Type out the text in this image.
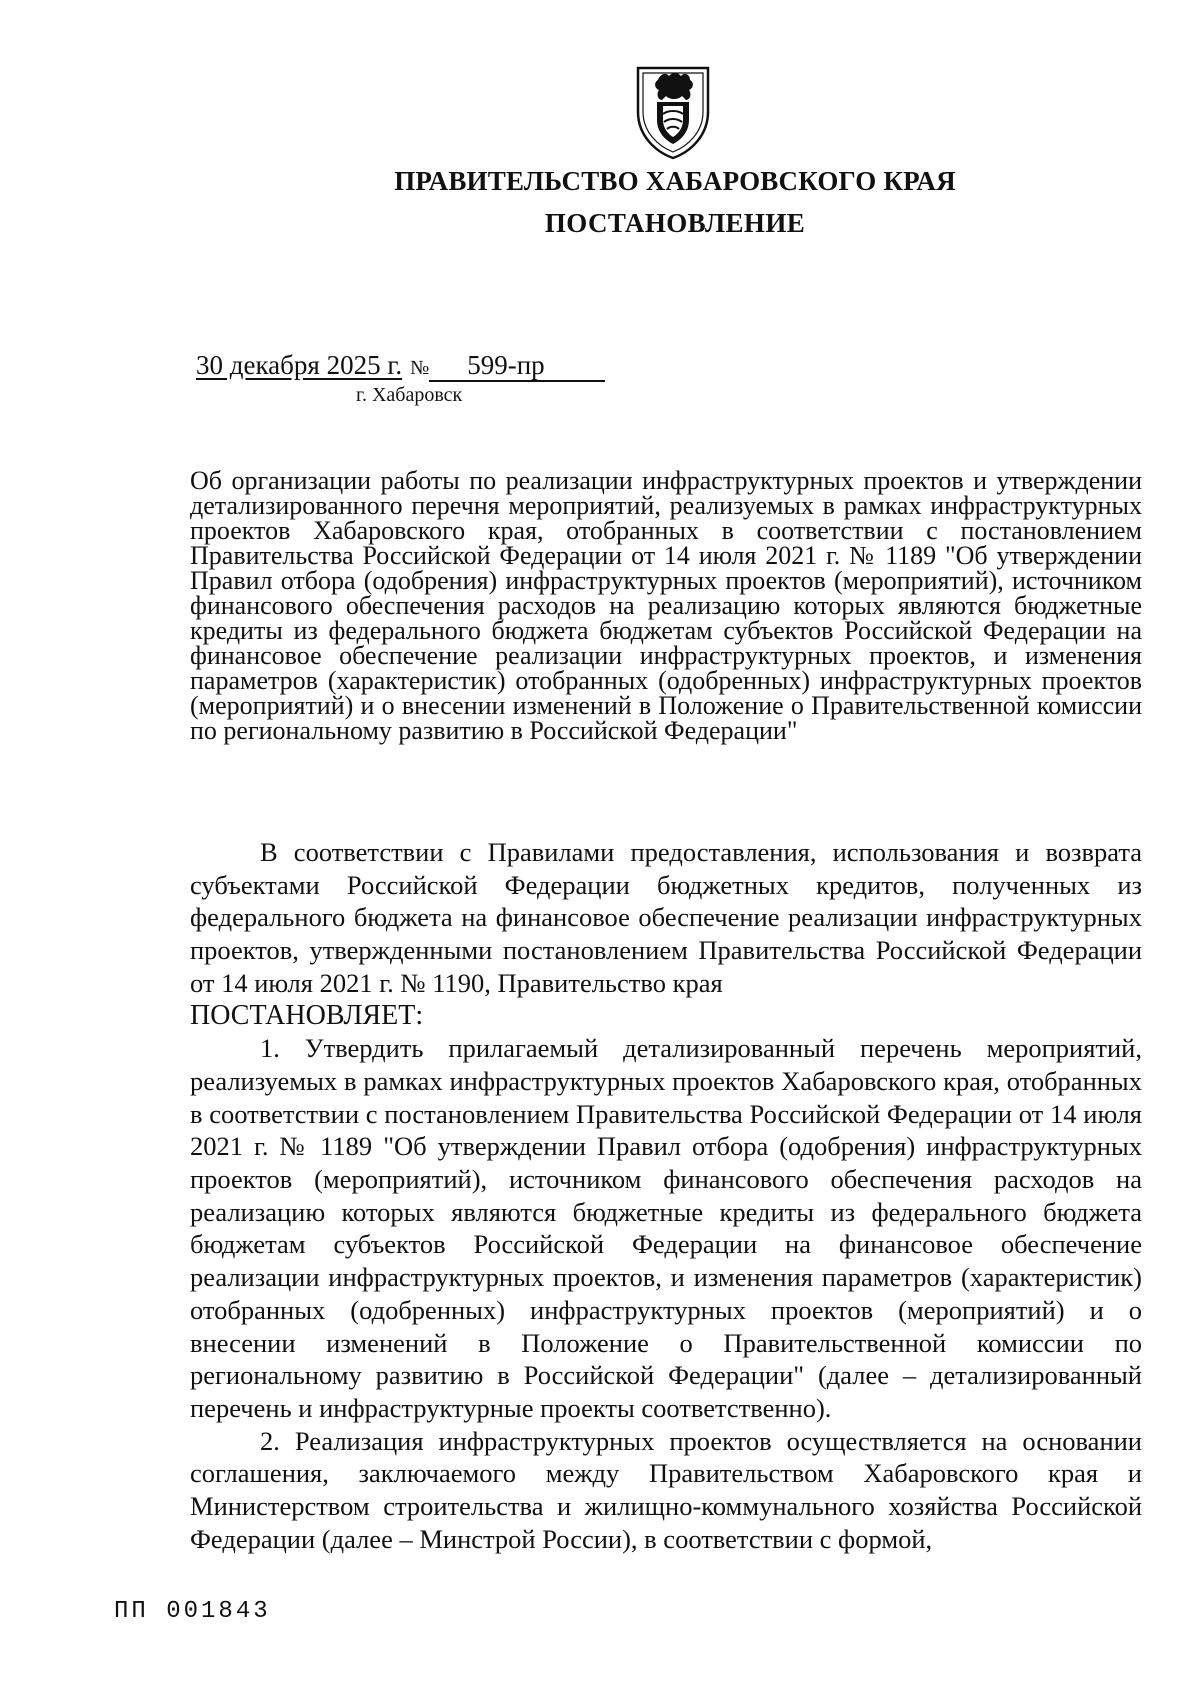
ПРАВИТЕЛЬСТВО ХАБАРОВСКОГО КРАЯ
ПОСТАНОВЛЕНИЕ
30 декабря 2025 г. № 599-пр
г. Хабаровск
Об организации работы по реализации инфраструктурных проектов и утверждении детализированного перечня мероприятий, реализуемых в рамках инфраструктурных проектов Хабаровского края, отобранных в соответствии с постановлением Правительства Российской Федерации от 14 июля 2021 г. № 1189 "Об утверждении Правил отбора (одобрения) инфраструктурных проектов (мероприятий), источником финансового обеспечения расходов на реализацию которых являются бюджетные кредиты из федерального бюджета бюджетам субъектов Российской Федерации на финансовое обеспечение реализации инфраструктурных проектов, и изменения параметров (характеристик) отобранных (одобренных) инфраструктурных проектов (мероприятий) и о внесении изменений в Положение о Правительственной комиссии по региональному развитию в Российской Федерации"

В соответствии с Правилами предоставления, использования и возврата субъектами Российской Федерации бюджетных кредитов, полученных из федерального бюджета на финансовое обеспечение реализации инфраструктурных проектов, утвержденными постановлением Правительства Российской Федерации от 14 июля 2021 г. № 1190, Правительство края

ПОСТАНОВЛЯЕТ:

1. Утвердить прилагаемый детализированный перечень мероприятий, реализуемых в рамках инфраструктурных проектов Хабаровского края, отобранных в соответствии с постановлением Правительства Российской Федерации от 14 июля 2021 г. № 1189 "Об утверждении Правил отбора (одобрения) инфраструктурных проектов (мероприятий), источником финансового обеспечения расходов на реализацию которых являются бюджетные кредиты из федерального бюджета бюджетам субъектов Российской Федерации на финансовое обеспечение реализации инфраструктурных проектов, и изменения параметров (характеристик) отобранных (одобренных) инфраструктурных проектов (мероприятий) и о внесении изменений в Положение о Правительственной комиссии по региональному развитию в Российской Федерации" (далее – детализированный перечень и инфраструктурные проекты соответственно).

2. Реализация инфраструктурных проектов осуществляется на основании соглашения, заключаемого между Правительством Хабаровского края и Министерством строительства и жилищно-коммунального хозяйства Российской Федерации (далее – Минстрой России), в соответствии с формой,

ПП 001843
